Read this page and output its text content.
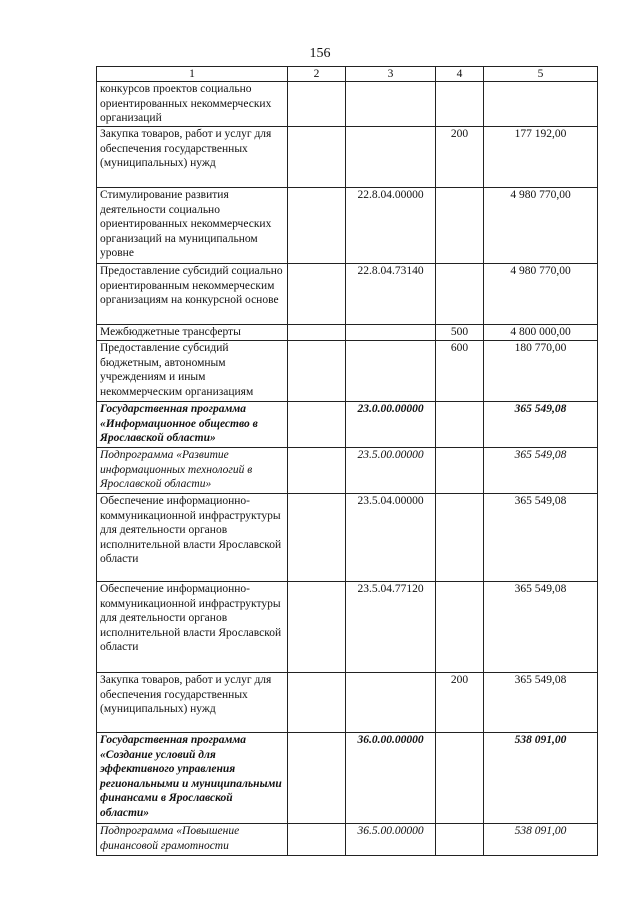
156
1	2	3	4	5
конкурсов проектов социально ориентированных некоммерческих организаций				
Закупка товаров, работ и услуг для обеспечения государственных (муниципальных) нужд			200	177 192,00
Стимулирование развития деятельности социально ориентированных некоммерческих организаций на муниципальном уровне		22.8.04.00000		4 980 770,00
Предоставление субсидий социально ориентированным некоммерческим организациям на конкурсной основе		22.8.04.73140		4 980 770,00
Межбюджетные трансферты			500	4 800 000,00
Предоставление субсидий бюджетным, автономным учреждениям и иным некоммерческим организациям			600	180 770,00
Государственная программа «Информационное общество в Ярославской области»		23.0.00.00000		365 549,08
Подпрограмма «Развитие информационных технологий в Ярославской области»		23.5.00.00000		365 549,08
Обеспечение информационно-коммуникационной инфраструктуры для деятельности органов исполнительной власти Ярославской области		23.5.04.00000		365 549,08
Обеспечение информационно-коммуникационной инфраструктуры для деятельности органов исполнительной власти Ярославской области		23.5.04.77120		365 549,08
Закупка товаров, работ и услуг для обеспечения государственных (муниципальных) нужд			200	365 549,08
Государственная программа «Создание условий для эффективного управления региональными и муниципальными финансами в Ярославской области»		36.0.00.00000		538 091,00
Подпрограмма «Повышение финансовой грамотности		36.5.00.00000		538 091,00
